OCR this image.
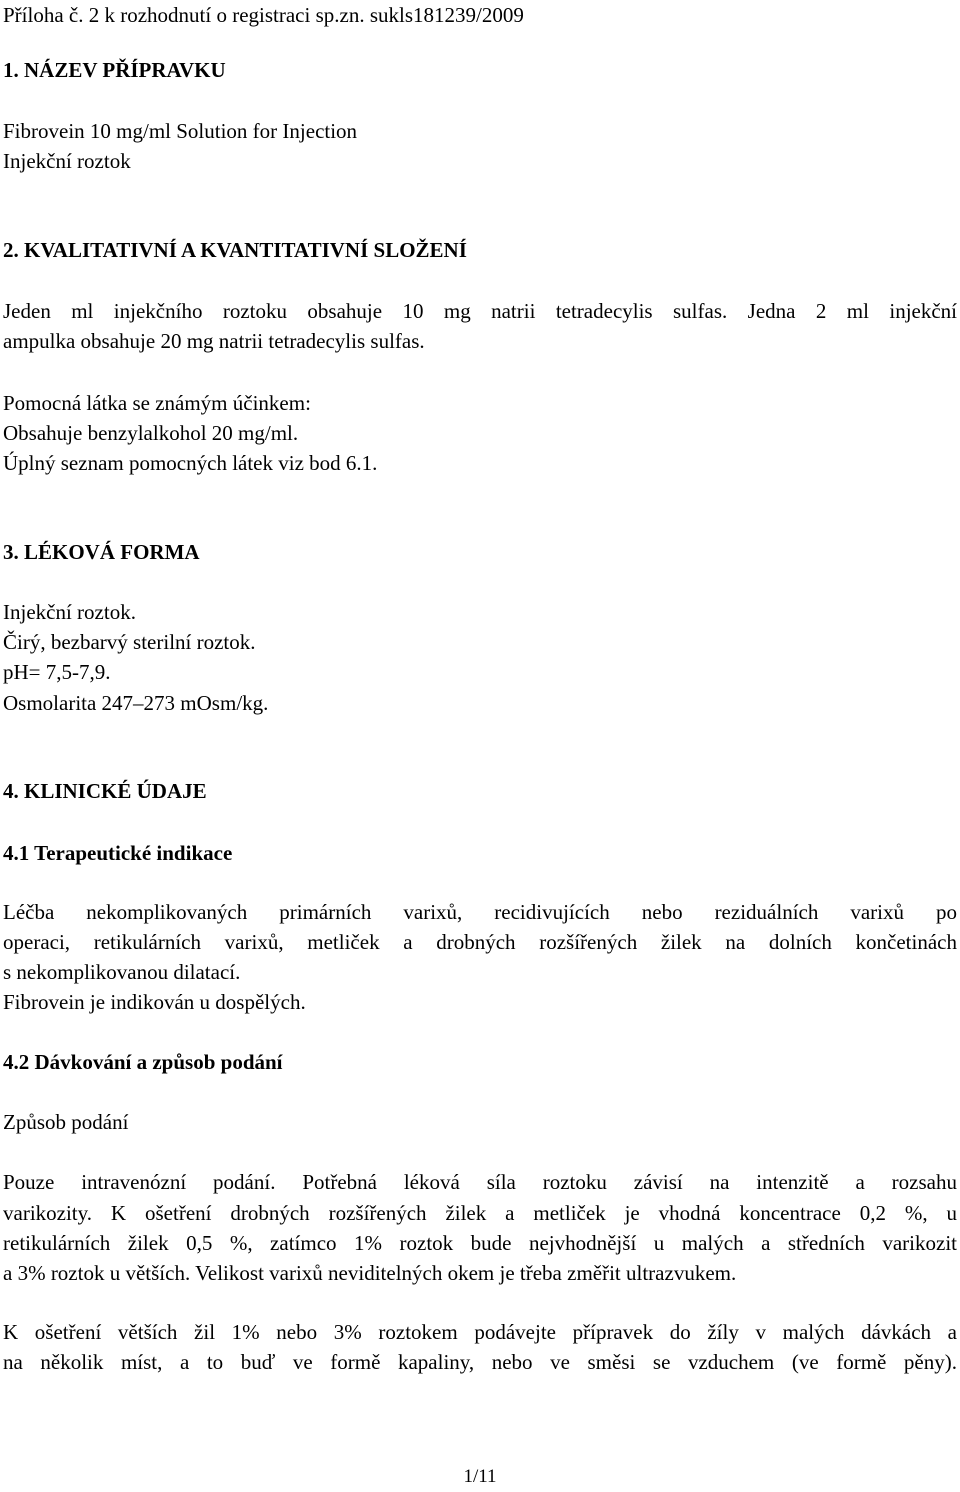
Příloha č. 2 k rozhodnutí o registraci sp.zn. sukls181239/2009
1. NÁZEV PŘÍPRAVKU
Fibrovein 10 mg/ml Solution for Injection
Injekční roztok
2. KVALITATIVNÍ A KVANTITATIVNÍ SLOŽENÍ
Jeden ml injekčního roztoku obsahuje 10 mg natrii tetradecylis sulfas. Jedna 2 ml injekční
ampulka obsahuje 20 mg natrii tetradecylis sulfas.
Pomocná látka se známým účinkem:
Obsahuje benzylalkohol 20 mg/ml.
Úplný seznam pomocných látek viz bod 6.1.
3. LÉKOVÁ FORMA
Injekční roztok.
Čirý, bezbarvý sterilní roztok.
pH= 7,5-7,9.
Osmolarita 247–273 mOsm/kg.
4. KLINICKÉ ÚDAJE
4.1 Terapeutické indikace
Léčba nekomplikovaných primárních varixů, recidivujících nebo reziduálních varixů po
operaci, retikulárních varixů, metliček a drobných rozšířených žilek na dolních končetinách
s nekomplikovanou dilatací.
Fibrovein je indikován u dospělých.
4.2 Dávkování a způsob podání
Způsob podání
Pouze intravenózní podání. Potřebná léková síla roztoku závisí na intenzitě a rozsahu
varikozity. K ošetření drobných rozšířených žilek a metliček je vhodná koncentrace 0,2 %, u
retikulárních žilek 0,5 %, zatímco 1% roztok bude nejvhodnější u malých a středních varikozit
a 3% roztok u větších. Velikost varixů neviditelných okem je třeba změřit ultrazvukem.
K ošetření větších žil 1% nebo 3% roztokem podávejte přípravek do žíly v malých dávkách a
na několik míst, a to buď ve formě kapaliny, nebo ve směsi se vzduchem (ve formě pěny).
1/11
